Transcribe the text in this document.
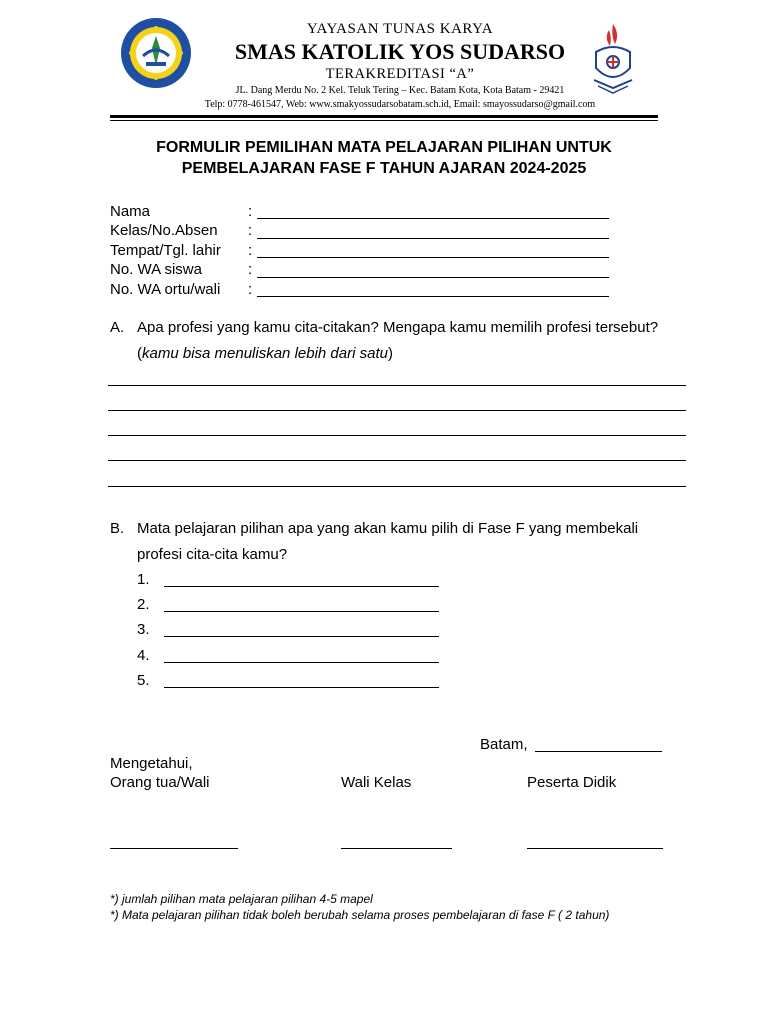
YAYASAN TUNAS KARYA
SMAS KATOLIK YOS SUDARSO
TERAKREDITASI “A”
JL. Dang Merdu No. 2 Kel. Teluk Tering – Kec. Batam Kota, Kota Batam - 29421
Telp: 0778-461547, Web: www.smakyossudarsobatam.sch.id, Email: smayossudarso@gmail.com
FORMULIR PEMILIHAN MATA PELAJARAN PILIHAN UNTUK
PEMBELAJARAN FASE F TAHUN AJARAN 2024-2025
Nama	:
Kelas/No.Absen :
Tempat/Tgl. lahir :
No. WA siswa	:
No. WA ortu/wali :
A. Apa profesi yang kamu cita-citakan? Mengapa kamu memilih profesi tersebut?
(kamu bisa menuliskan lebih dari satu)
B. Mata pelajaran pilihan apa yang akan kamu pilih di Fase F yang membekali
profesi cita-cita kamu?
1.
2.
3.
4.
5.
Batam,
Mengetahui,
Orang tua/Wali	Wali Kelas	Peserta Didik
*) jumlah pilihan mata pelajaran pilihan 4-5 mapel
*) Mata pelajaran pilihan tidak boleh berubah selama proses pembelajaran di fase F ( 2 tahun)
